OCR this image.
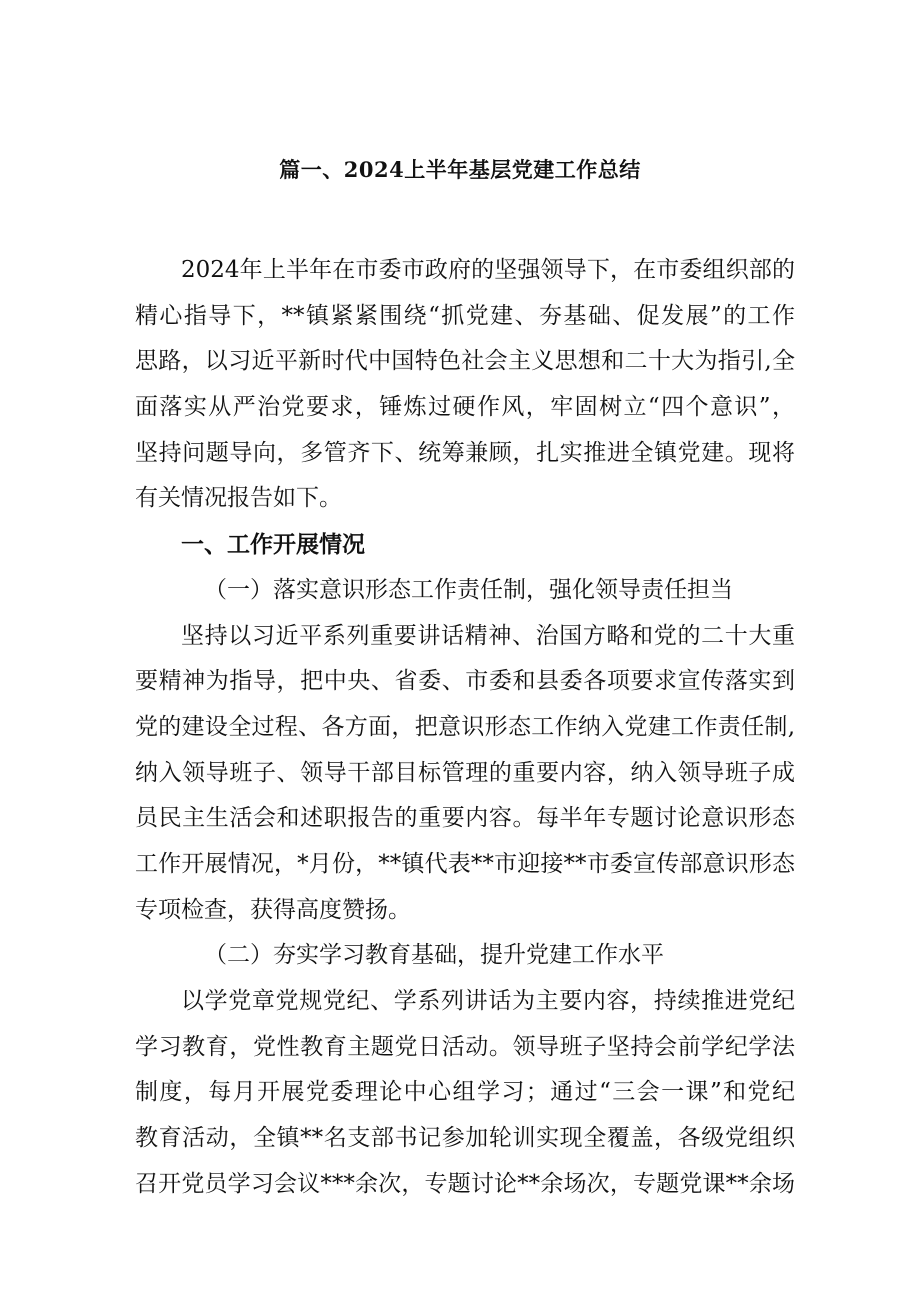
篇一、2024上半年基层党建工作总结
2024年上半年在市委市政府的坚强领导下，在市委组织部的
精心指导下，**镇紧紧围绕“抓党建、夯基础、促发展”的工作
思路，以习近平新时代中国特色社会主义思想和二十大为指引,全
面落实从严治党要求，锤炼过硬作风，牢固树立“四个意识”，
坚持问题导向，多管齐下、统筹兼顾，扎实推进全镇党建。现将
有关情况报告如下。
一、工作开展情况
（一）落实意识形态工作责任制，强化领导责任担当
坚持以习近平系列重要讲话精神、治国方略和党的二十大重
要精神为指导，把中央、省委、市委和县委各项要求宣传落实到
党的建设全过程、各方面，把意识形态工作纳入党建工作责任制,
纳入领导班子、领导干部目标管理的重要内容，纳入领导班子成
员民主生活会和述职报告的重要内容。每半年专题讨论意识形态
工作开展情况，*月份，**镇代表**市迎接**市委宣传部意识形态
专项检查，获得高度赞扬。
（二）夯实学习教育基础，提升党建工作水平
以学党章党规党纪、学系列讲话为主要内容，持续推进党纪
学习教育，党性教育主题党日活动。领导班子坚持会前学纪学法
制度，每月开展党委理论中心组学习；通过“三会一课”和党纪
教育活动，全镇**名支部书记参加轮训实现全覆盖，各级党组织
召开党员学习会议***余次，专题讨论**余场次，专题党课**余场
